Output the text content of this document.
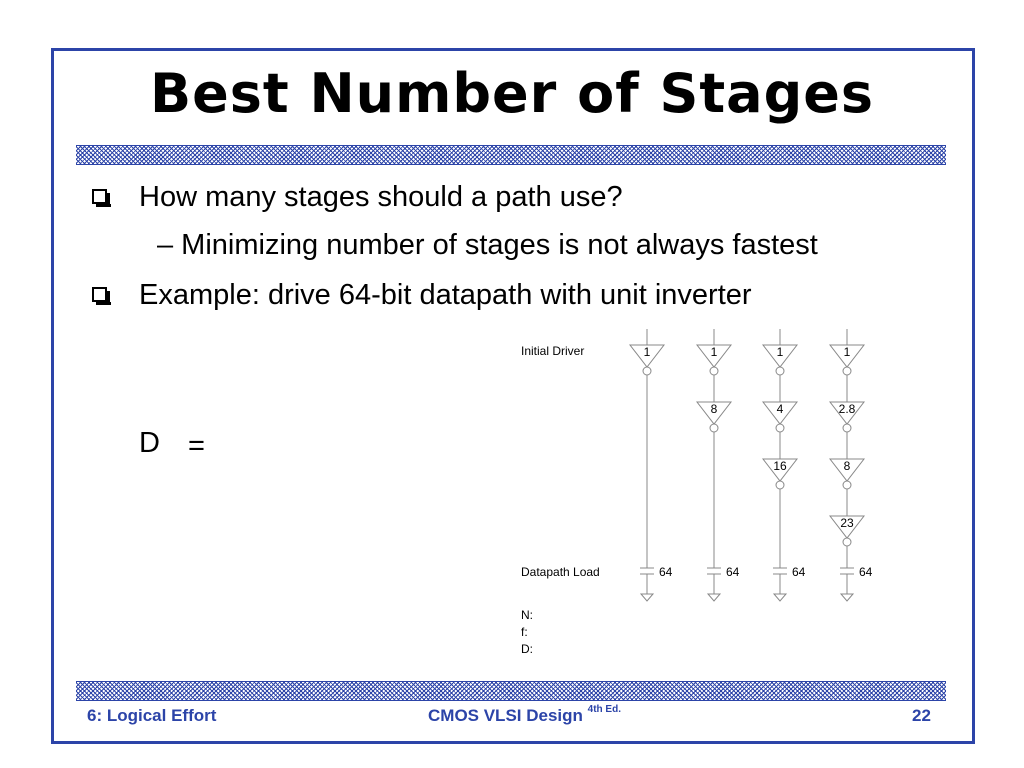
Best Number of Stages
How many stages should a path use?
– Minimizing number of stages is not always fastest
Example: drive 64-bit datapath with unit inverter
D =
1
64
1
8
64
1
4
16
64
1
2.8
8
23
64
Initial Driver
Datapath Load
N:
f:
D:
6: Logical Effort	CMOS VLSI Design $^{4th Ed.}$	22
